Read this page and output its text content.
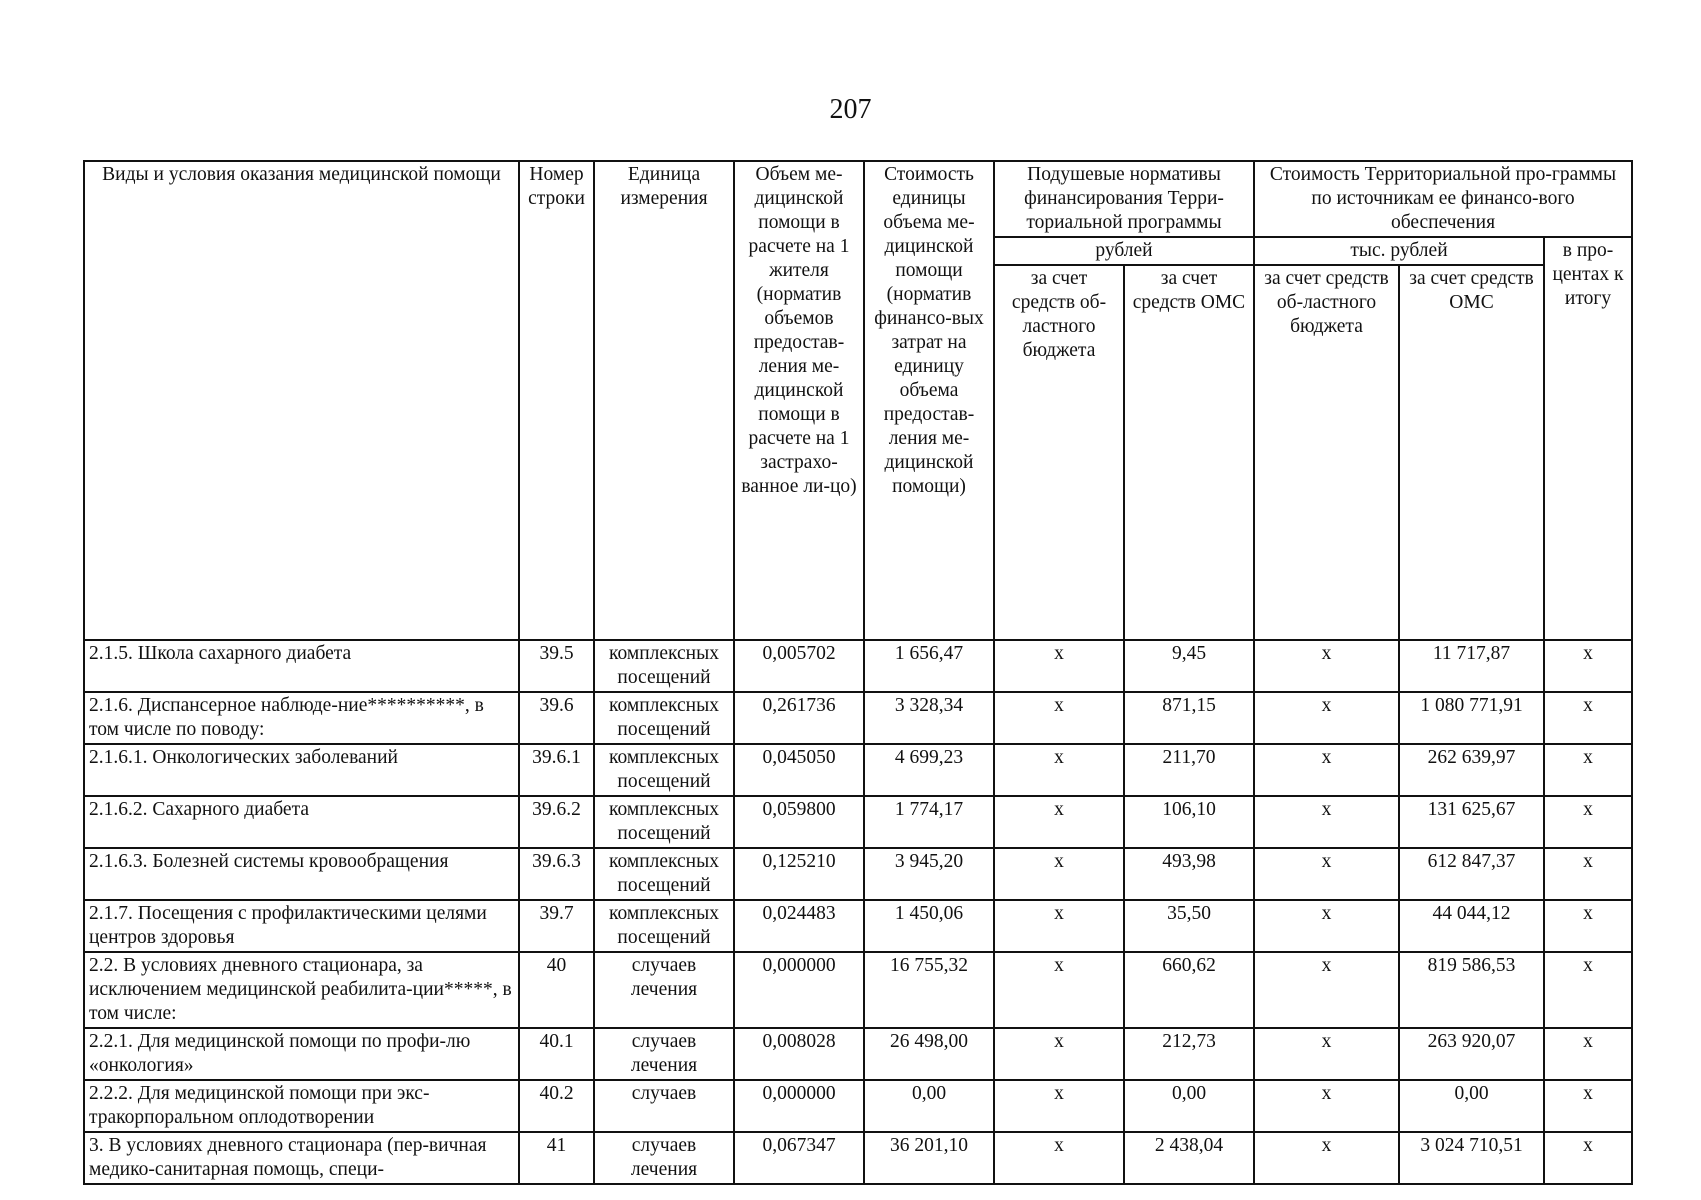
207
Виды и условия оказания медицинской помощи	Номер строки	Единица измерения	Объем ме-дицинской помощи в расчете на 1 жителя (норматив объемов предостав-ления ме-дицинской помощи в расчете на 1 застрахо-ванное ли-цо)	Стоимость единицы объема ме-дицинской помощи (норматив финансо-вых затрат на единицу объема предостав-ления ме-дицинской помощи)	Подушевые нормативы финансирования Терри-ториальной программы		Стоимость Территориальной про-граммы по источникам ее финансо-вого обеспечения		
					рублей		тыс. рублей		в про-центах к итогу
					за счет средств об-ластного бюджета	за счет средств ОМС	за счет средств об-ластного бюджета	за счет средств ОМС	
2.1.5. Школа сахарного диабета	39.5	комплексных посещений	0,005702	1 656,47	х	9,45	х	11 717,87	х
2.1.6. Диспансерное наблюде-ние**********, в том числе по поводу:	39.6	комплексных посещений	0,261736	3 328,34	х	871,15	х	1 080 771,91	х
2.1.6.1. Онкологических заболеваний	39.6.1	комплексных посещений	0,045050	4 699,23	х	211,70	х	262 639,97	х
2.1.6.2. Сахарного диабета	39.6.2	комплексных посещений	0,059800	1 774,17	х	106,10	х	131 625,67	х
2.1.6.3. Болезней системы кровообращения	39.6.3	комплексных посещений	0,125210	3 945,20	х	493,98	х	612 847,37	х
2.1.7. Посещения с профилактическими целями центров здоровья	39.7	комплексных посещений	0,024483	1 450,06	х	35,50	х	44 044,12	х
2.2. В условиях дневного стационара, за исключением медицинской реабилита-ции*****, в том числе:	40	случаев лечения	0,000000	16 755,32	х	660,62	х	819 586,53	х
2.2.1. Для медицинской помощи по профи-лю «онкология»	40.1	случаев лечения	0,008028	26 498,00	х	212,73	х	263 920,07	х
2.2.2. Для медицинской помощи при экс-тракорпоральном оплодотворении	40.2	случаев	0,000000	0,00	х	0,00	х	0,00	х
3. В условиях дневного стационара (пер-вичная медико-санитарная помощь, специ-	41	случаев лечения	0,067347	36 201,10	х	2 438,04	х	3 024 710,51	х
